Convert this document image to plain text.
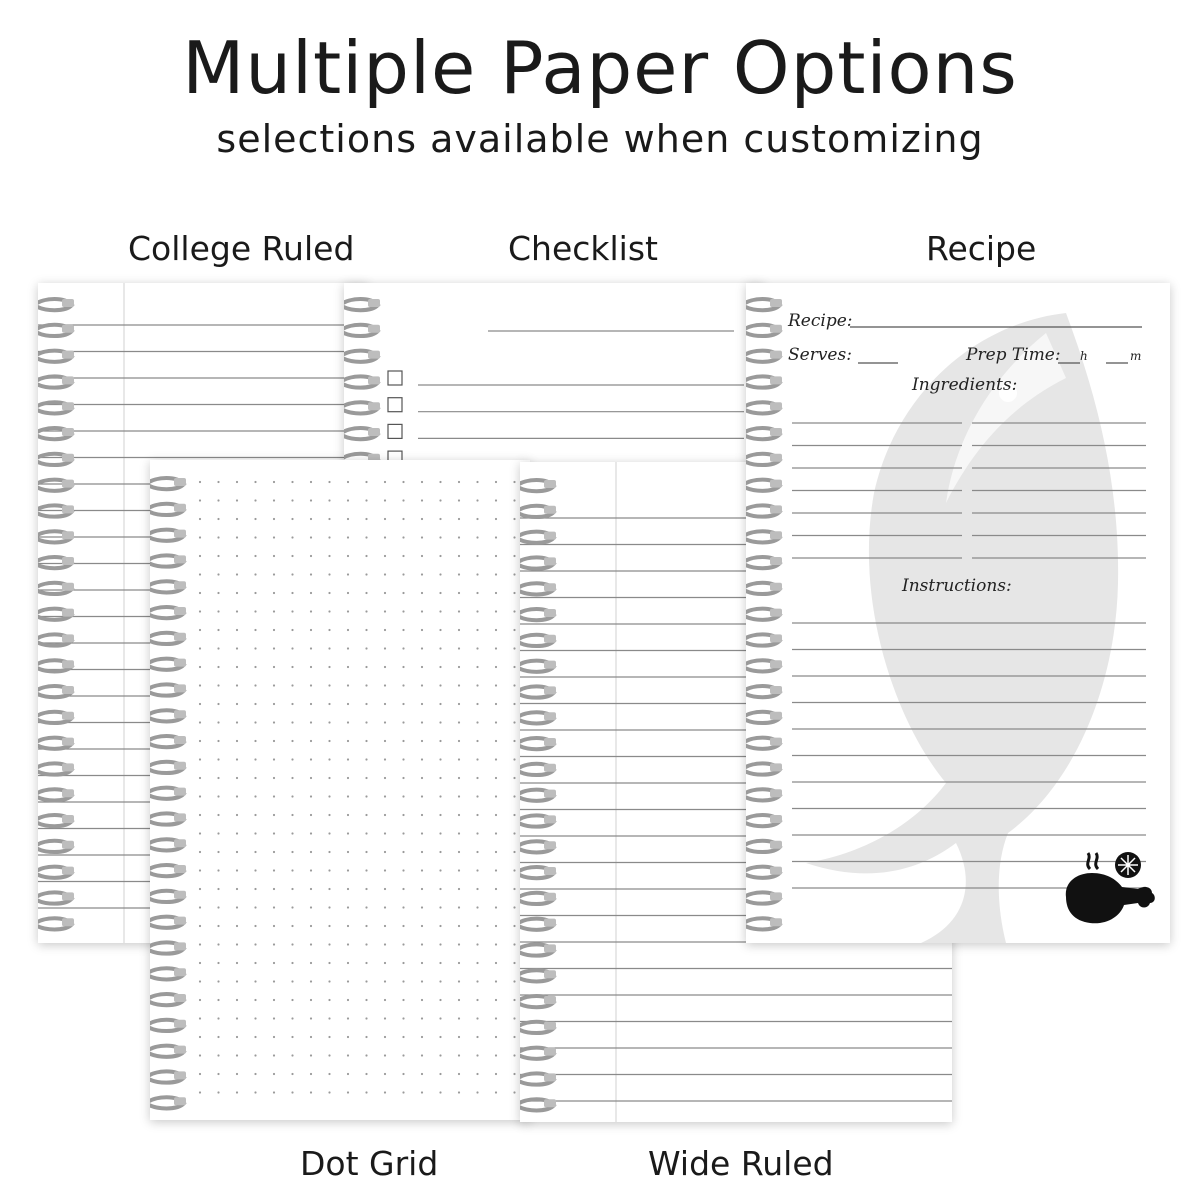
Multiple Paper Options
selections available when customizing
College Ruled	Checklist	Recipe
Dot Grid	Wide Ruled
Recipe:
Serves:	Prep Time: h	m
Ingredients:
Instructions:
